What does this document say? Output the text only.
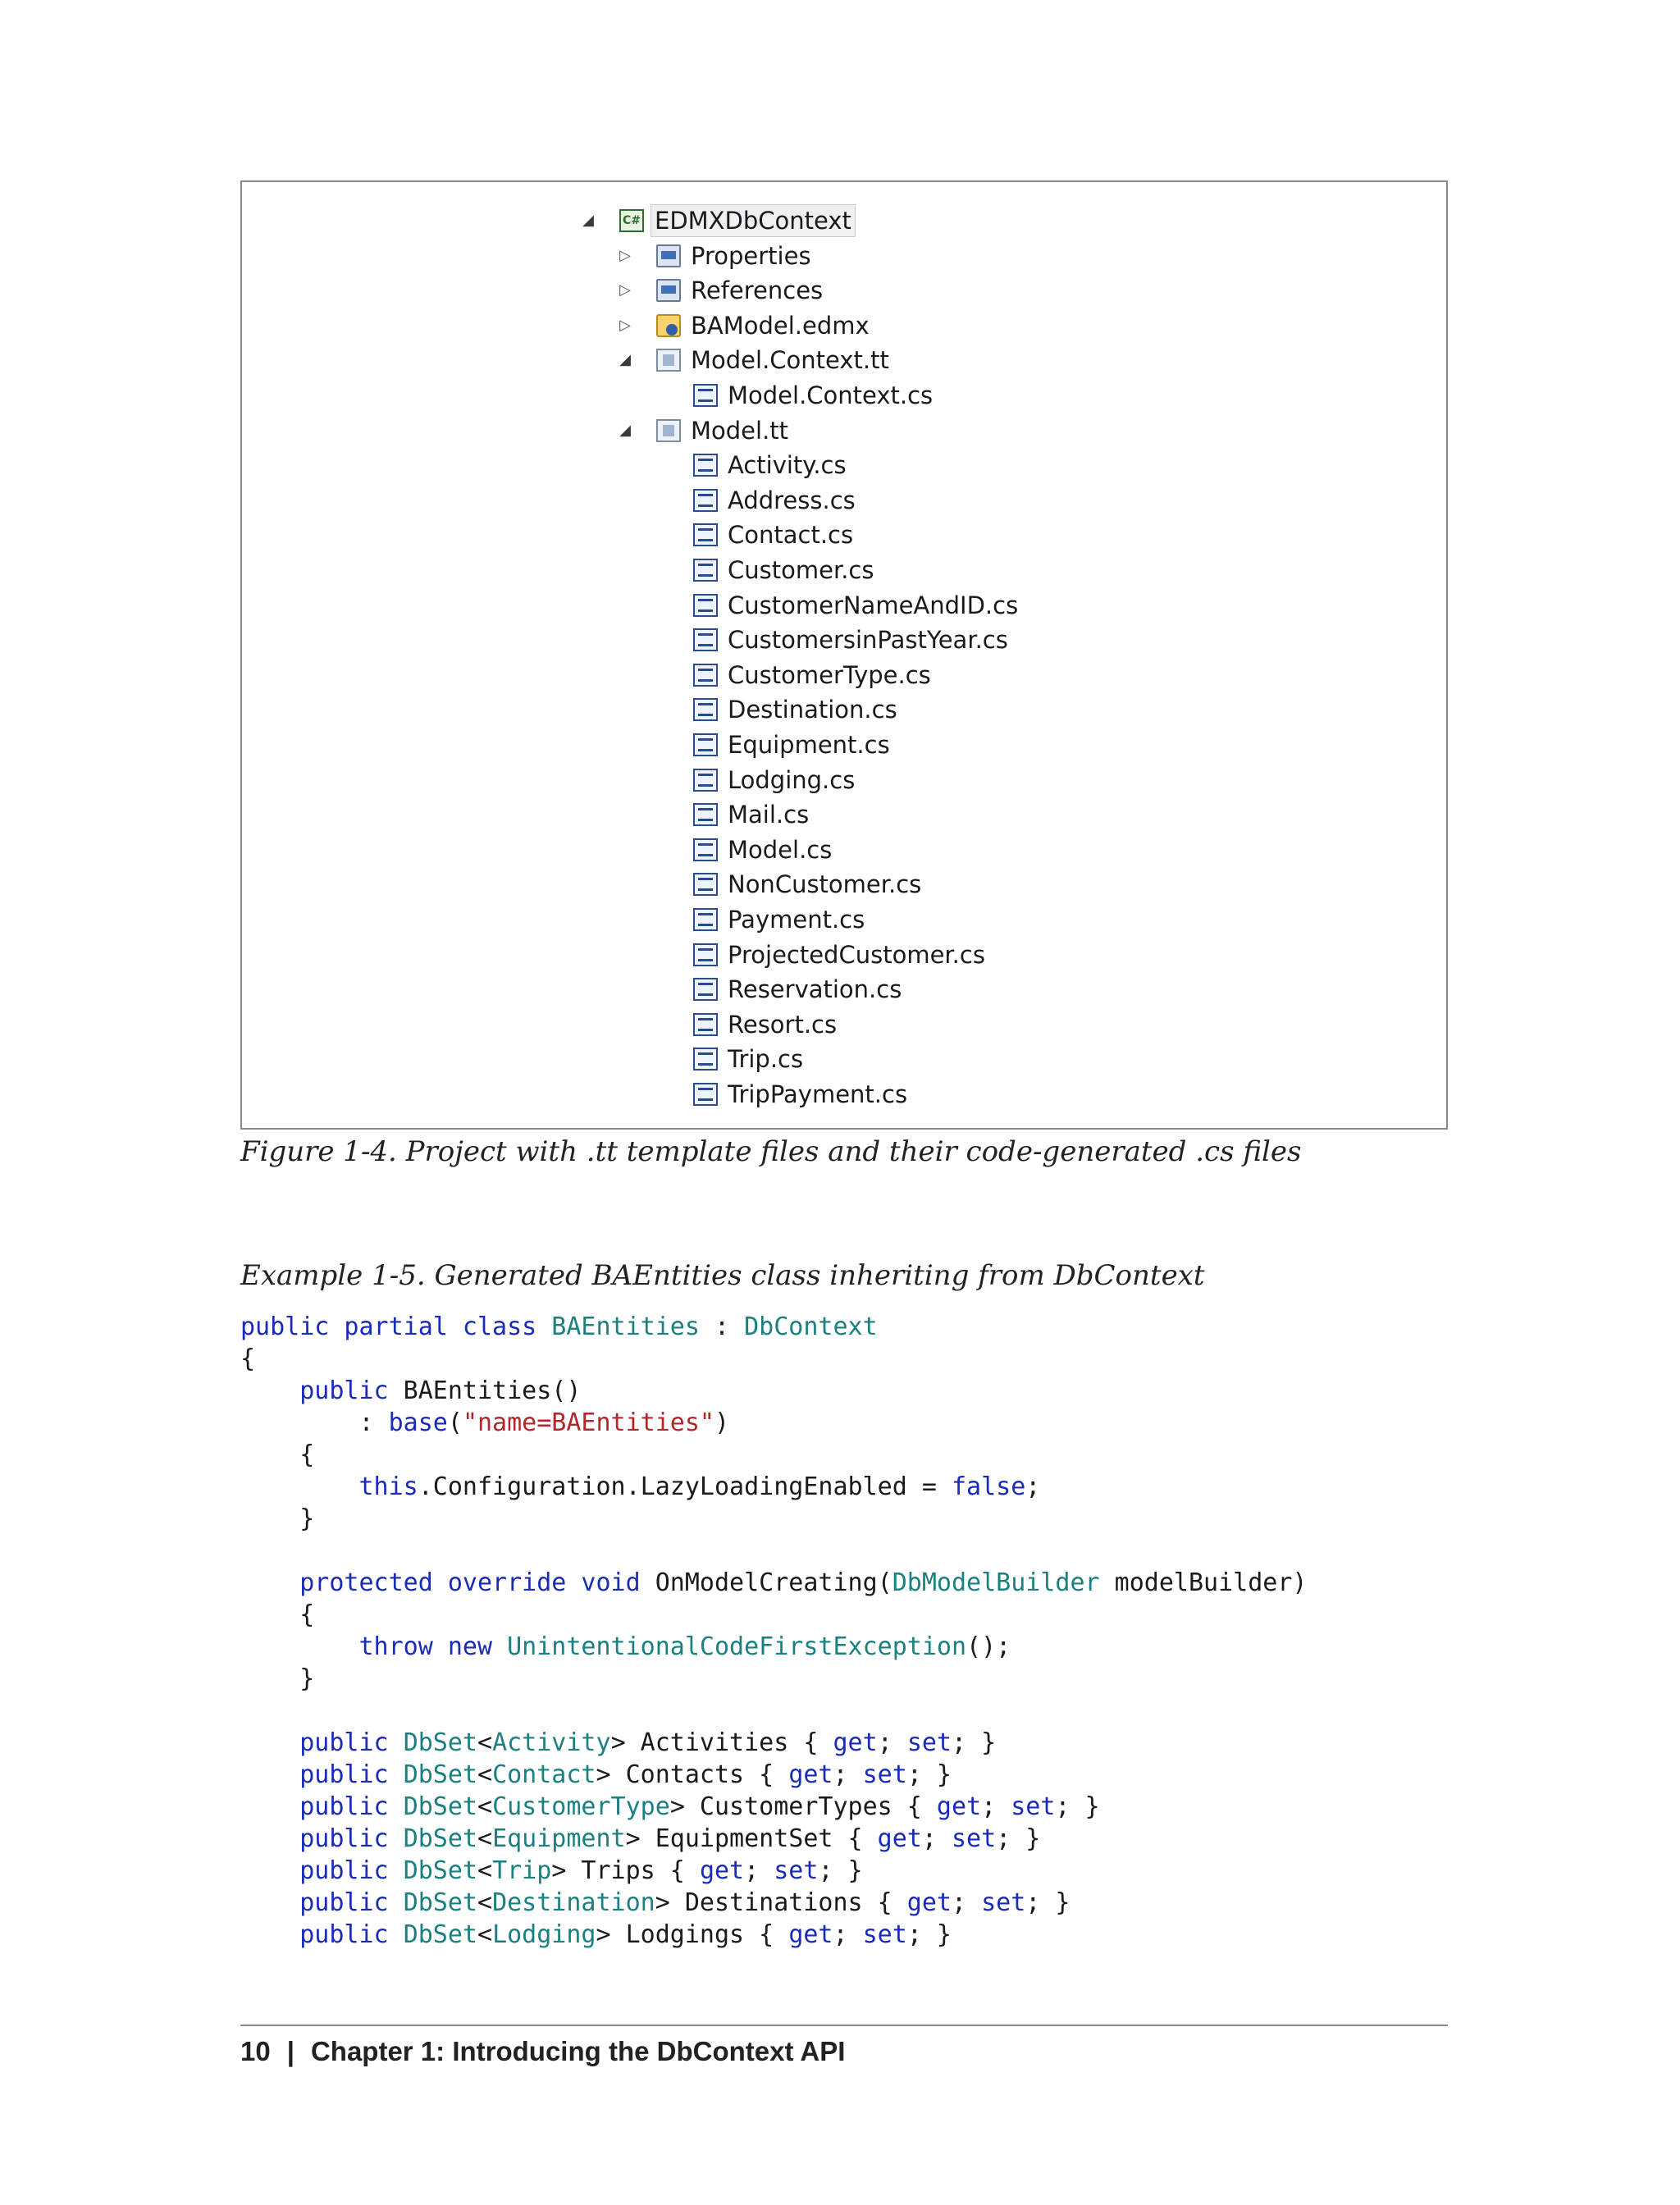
◢
C#	EDMXDbContext
▷	Properties
▷	References
▷	BAModel.edmx
◢	Model.Context.tt
Model.Context.cs
◢	Model.tt
Activity.cs
Address.cs
Contact.cs
Customer.cs
CustomerNameAndID.cs
CustomersinPastYear.cs
CustomerType.cs
Destination.cs
Equipment.cs
Lodging.cs
Mail.cs
Model.cs
NonCustomer.cs
Payment.cs
ProjectedCustomer.cs
Reservation.cs
Resort.cs
Trip.cs
TripPayment.cs

Figure 1-4. Project with .tt template files and their code-generated .cs files

Example 1-5. Generated BAEntities class inheriting from DbContext

public partial class BAEntities : DbContext
{
public BAEntities()
: base("name=BAEntities")
{
this.Configuration.LazyLoadingEnabled = false;
}
protected override void OnModelCreating(DbModelBuilder modelBuilder)
{
throw new UnintentionalCodeFirstException();
}
public DbSet<Activity> Activities { get; set; }
public DbSet<Contact> Contacts { get; set; }
public DbSet<CustomerType> CustomerTypes { get; set; }
public DbSet<Equipment> EquipmentSet { get; set; }
public DbSet<Trip> Trips { get; set; }
public DbSet<Destination> Destinations { get; set; }
public DbSet<Lodging> Lodgings { get; set; }
10 | Chapter 1: Introducing the DbContext API
